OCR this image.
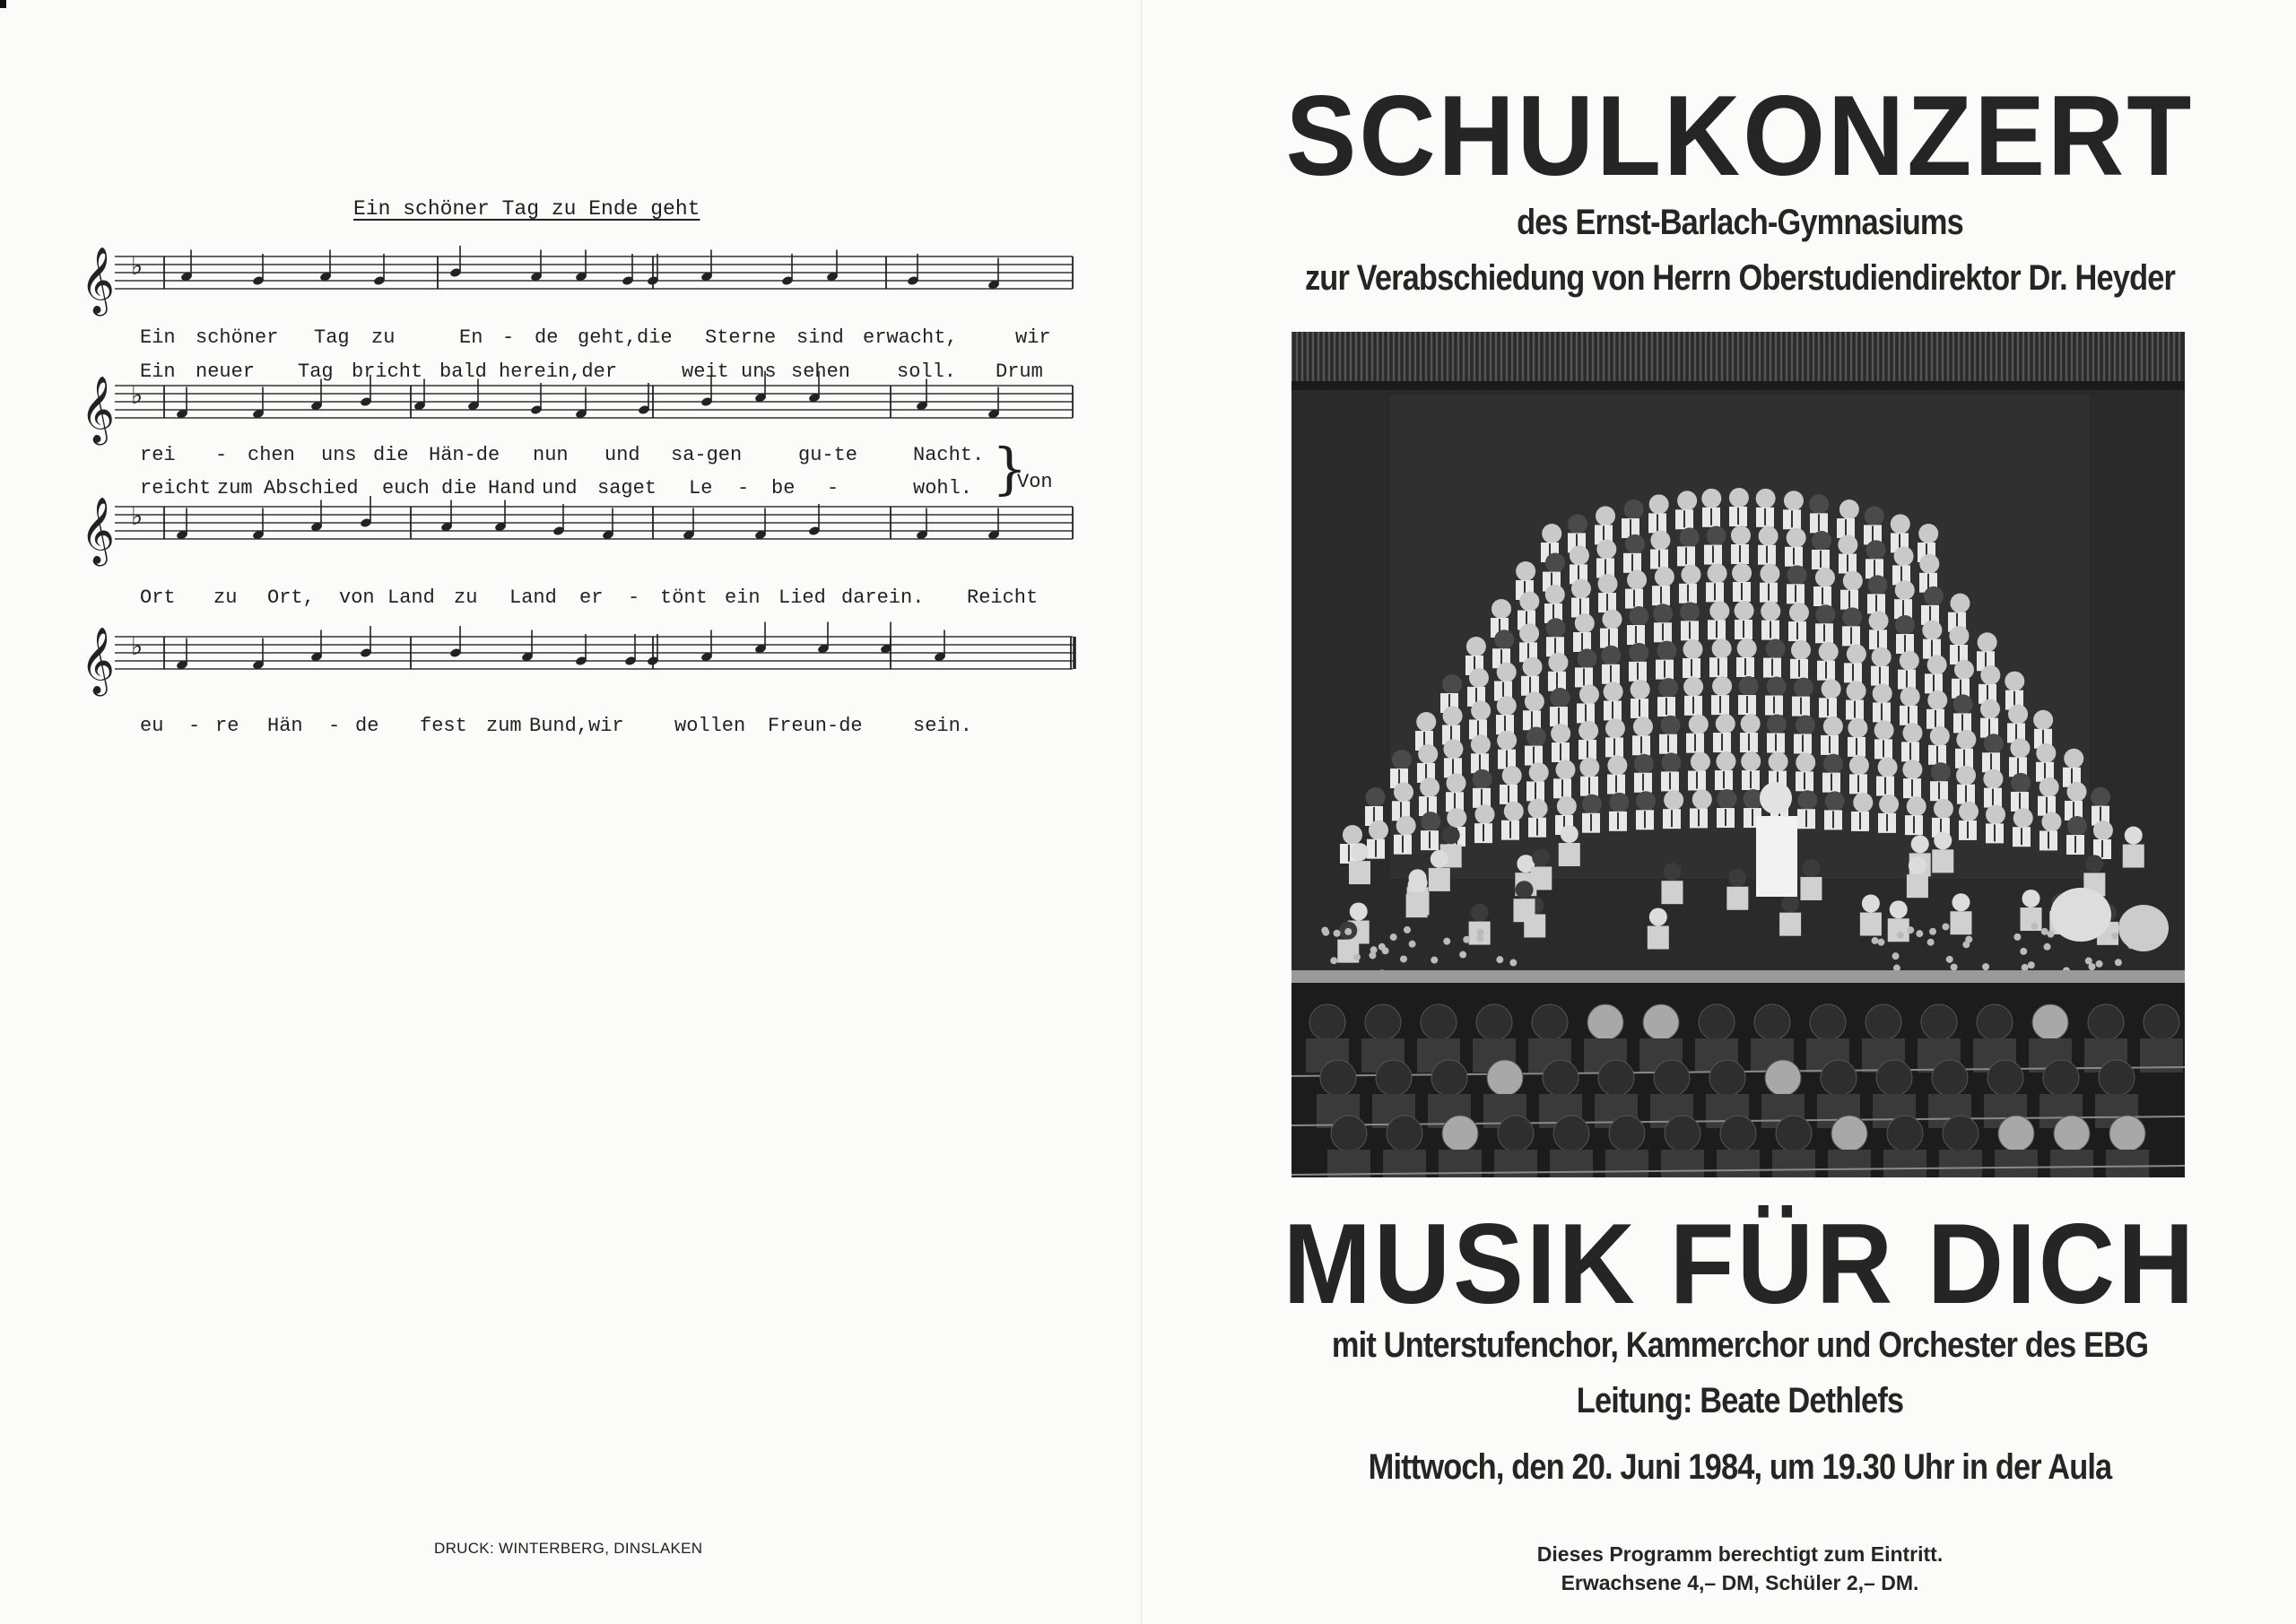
Ein schöner Tag zu Ende geht
𝄞 ♭
Ein schöner Tag zu	En - de geht,die Sterne sind erwacht,	wir
Ein neuer Tag bricht bald herein,der	weit uns sehen soll. Drum
𝄞 ♭
rei - chen uns die Hän-de nun und sa-gen	gu-te	Nacht.
reicht zum Abschied euch die Hand und saget Le - be -	wohl. }
Von
𝄞 ♭
Ort zu Ort, von Land zu Land er - tönt ein Lied darein. Reicht
𝄞 ♭
eu - re Hän - de fest zum Bund,wir	wollen Freun-de	sein.
DRUCK: WINTERBERG, DINSLAKEN
SCHULKONZERT
des Ernst-Barlach-Gymnasiums
zur Verabschiedung von Herrn Oberstudiendirektor Dr. Heyder
MUSIK FÜR DICH
mit Unterstufenchor, Kammerchor und Orchester des EBG
Leitung: Beate Dethlefs
Mittwoch, den 20. Juni 1984, um 19.30 Uhr in der Aula
Dieses Programm berechtigt zum Eintritt.
Erwachsene 4,– DM, Schüler 2,– DM.
